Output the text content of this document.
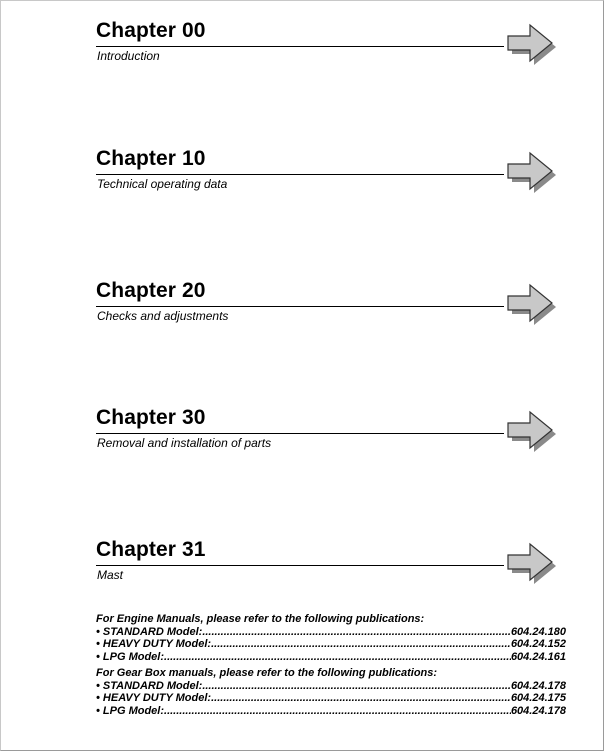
Chapter 00
Introduction
Chapter 10
Technical operating data
Chapter 20
Checks and adjustments
Chapter 30
Removal and installation of parts
Chapter 31
Mast
For Engine Manuals, please refer to the following publications:
• STANDARD Model: .....	604.24.180
• HEAVY DUTY Model: .....	604.24.152
• LPG Model: .....	604.24.161
For Gear Box manuals, please refer to the following publications:
• STANDARD Model: .....	604.24.178
• HEAVY DUTY Model: .....	604.24.175
• LPG Model: .....	604.24.178
